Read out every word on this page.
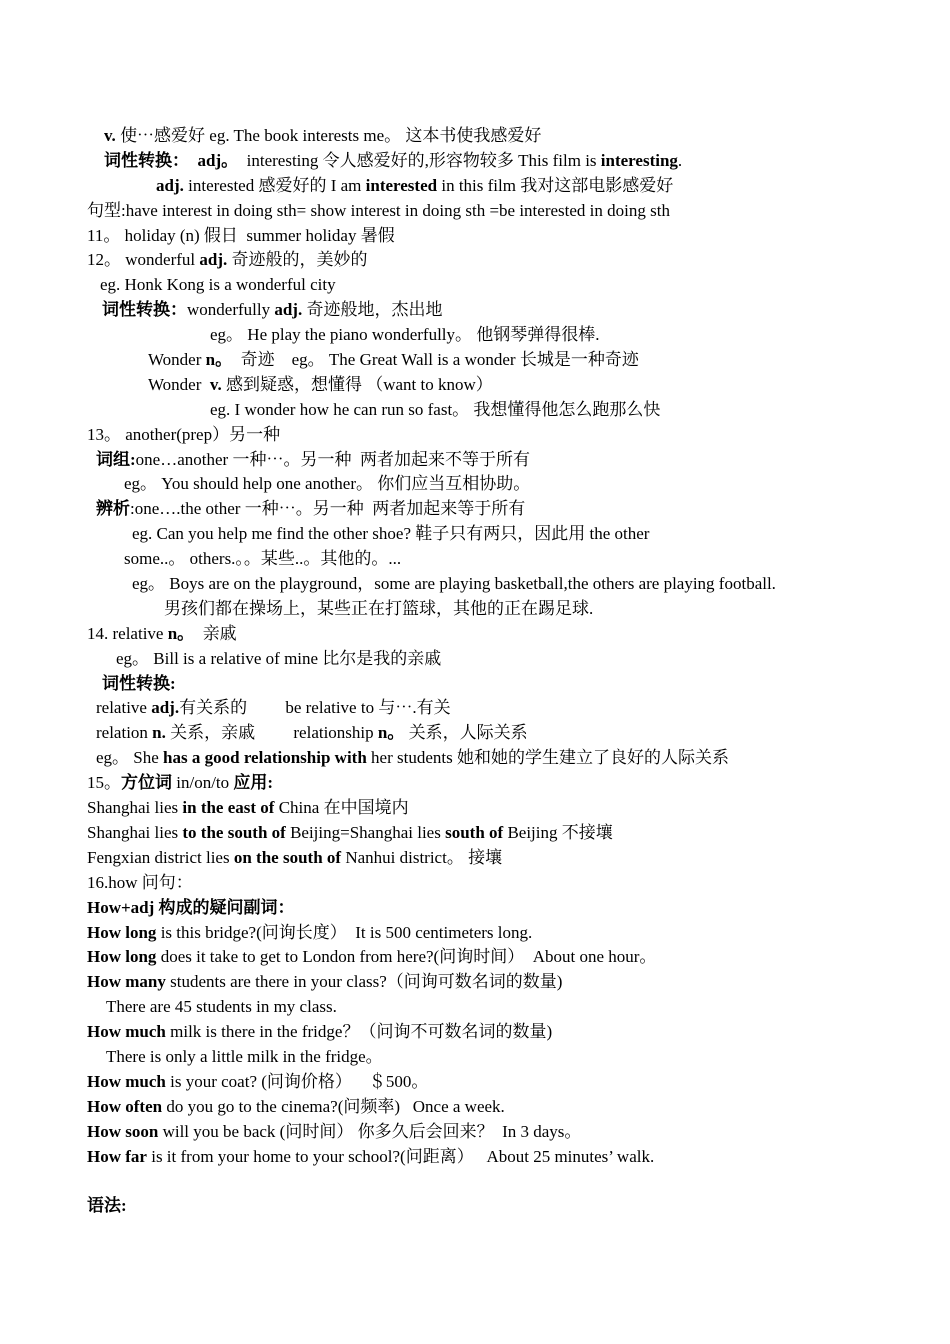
v. 使⋯感爱好 eg. The book interests me。 这本书使我感爱好
词性转换：  adj。  interesting 令人感爱好的,形容物较多 This film is interesting.
adj. interested 感爱好的 I am interested in this film 我对这部电影感爱好
句型:have interest in doing sth= show interest in doing sth =be interested in doing sth
11。 holiday (n) 假日  summer holiday 暑假
12。 wonderful adj. 奇迹般的，美妙的
eg. Honk Kong is a wonderful city
词性转换：wonderfully adj. 奇迹般地，杰出地
eg。 He play the piano wonderfully。 他钢琴弹得很棒.
Wonder n。  奇迹    eg。 The Great Wall is a wonder 长城是一种奇迹
Wonder  v. 感到疑惑，想懂得 （want to know）
eg. I wonder how he can run so fast。 我想懂得他怎么跑那么快
13。 another(prep）另一种
词组:one…another 一种⋯。另一种  两者加起来不等于所有
eg。 You should help one another。 你们应当互相协助。
辨析:one….the other 一种⋯。另一种  两者加起来等于所有
eg. Can you help me find the other shoe? 鞋子只有两只，因此用 the other
some..。 others.。。某些..。其他的。...
eg。 Boys are on the playground，some are playing basketball,the others are playing football.
男孩们都在操场上，某些正在打篮球，其他的正在踢足球.
14. relative n。  亲戚
eg。 Bill is a relative of mine 比尔是我的亲戚
词性转换:
relative adj.有关系的         be relative to 与⋯.有关
relation n. 关系，亲戚         relationship n。 关系，人际关系
eg。 She has a good relationship with her students 她和她的学生建立了良好的人际关系
15。方位词 in/on/to 应用:
Shanghai lies in the east of China 在中国境内
Shanghai lies to the south of Beijing=Shanghai lies south of Beijing 不接壤
Fengxian district lies on the south of Nanhui district。 接壤
16.how 问句：
How+adj 构成的疑问副词：
How long is this bridge?(问询长度）  It is 500 centimeters long.
How long does it take to get to London from here?(问询时间）  About one hour。
How many students are there in your class?（问询可数名词的数量)
There are 45 students in my class.
How much milk is there in the fridge？（问询不可数名词的数量)
There is only a little milk in the fridge。
How much is your coat? (问询价格）    ＄500。
How often do you go to the cinema?(问频率)   Once a week.
How soon will you be back (问时间） 你多久后会回来？  In 3 days。
How far is it from your home to your school?(问距离）   About 25 minutes’ walk.
语法:
